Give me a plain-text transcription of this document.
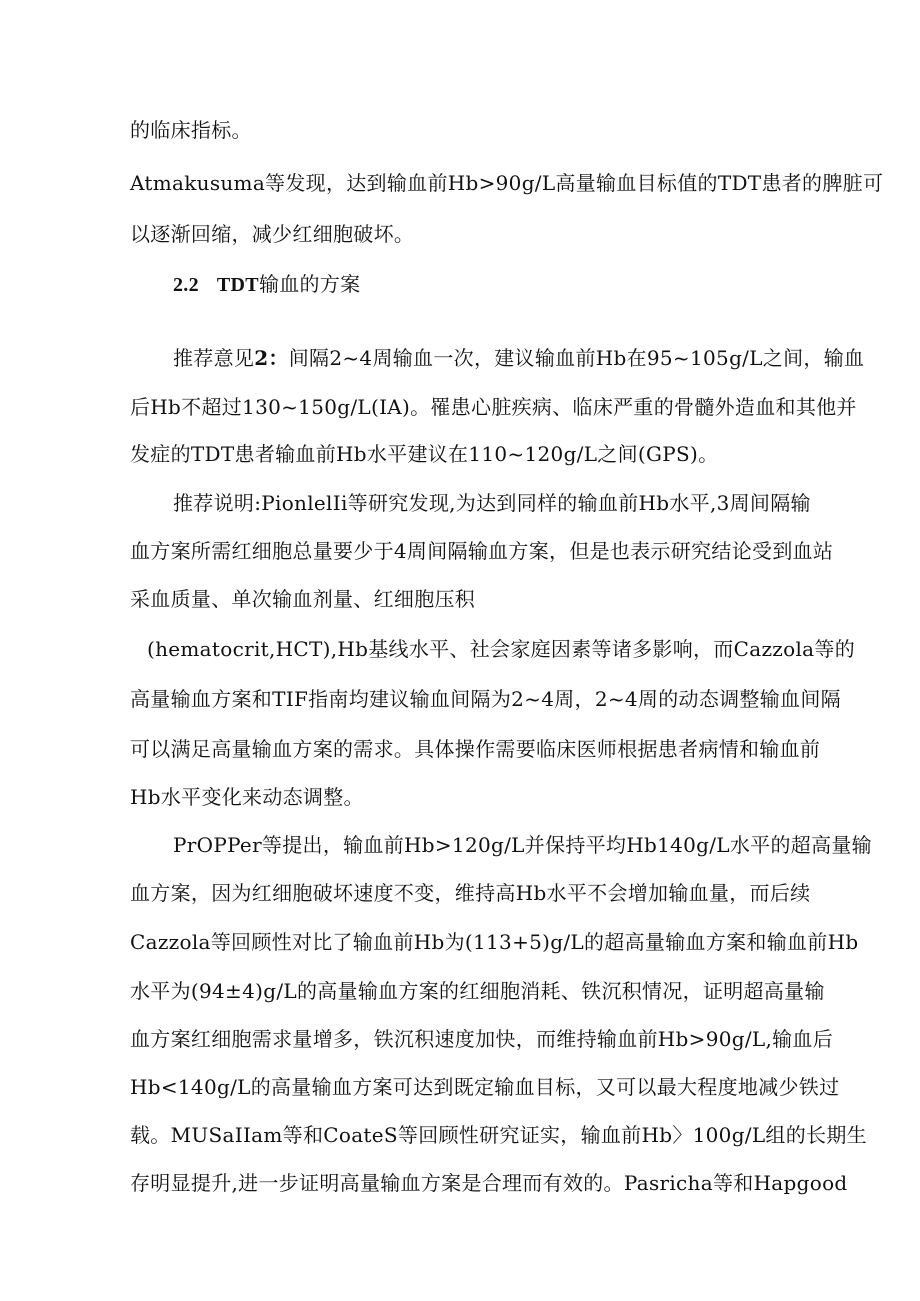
的临床指标。
Atmakusuma等发现，达到输血前Hb>90g/L高量输血目标值的TDT患者的脾脏可
以逐渐回缩，减少红细胞破坏。
2.2 TDT输血的方案
推荐意见2：间隔2~4周输血一次，建议输血前Hb在95~105g/L之间，输血
后Hb不超过130~150g/L(IA)。罹患心脏疾病、临床严重的骨髓外造血和其他并
发症的TDT患者输血前Hb水平建议在110~120g/L之间(GPS)。
推荐说明:PionlelIi等研究发现,为达到同样的输血前Hb水平,3周间隔输
血方案所需红细胞总量要少于4周间隔输血方案，但是也表示研究结论受到血站
采血质量、单次输血剂量、红细胞压积
(hematocrit,HCT),Hb基线水平、社会家庭因素等诸多影响，而Cazzola等的
高量输血方案和TIF指南均建议输血间隔为2~4周，2~4周的动态调整输血间隔
可以满足高量输血方案的需求。具体操作需要临床医师根据患者病情和输血前
Hb水平变化来动态调整。
PrOPPer等提出，输血前Hb>120g/L并保持平均Hb140g/L水平的超高量输
血方案，因为红细胞破坏速度不变，维持高Hb水平不会增加输血量，而后续
Cazzola等回顾性对比了输血前Hb为(113+5)g/L的超高量输血方案和输血前Hb
水平为(94±4)g/L的高量输血方案的红细胞消耗、铁沉积情况，证明超高量输
血方案红细胞需求量增多，铁沉积速度加快，而维持输血前Hb>90g/L,输血后
Hb<140g/L的高量输血方案可达到既定输血目标，又可以最大程度地减少铁过
载。MUSaIIam等和CoateS等回顾性研究证实，输血前Hb〉100g/L组的长期生
存明显提升,进一步证明高量输血方案是合理而有效的。Pasricha等和Hapgood
